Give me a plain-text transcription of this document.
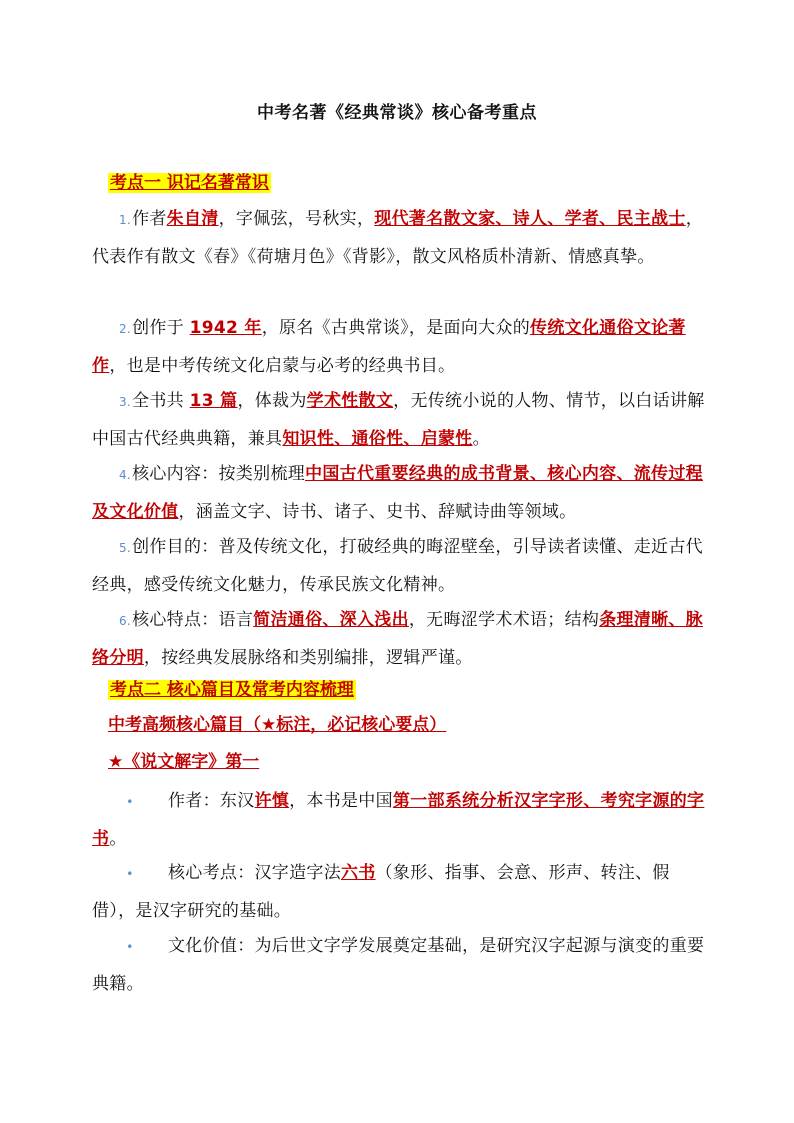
中考名著《经典常谈》核心备考重点
考点一 识记名著常识
1.作者朱自清，字佩弦，号秋实，现代著名散文家、诗人、学者、民主战士，代表作有散文《春》《荷塘月色》《背影》，散文风格质朴清新、情感真挚。
2.创作于 1942 年，原名《古典常谈》，是面向大众的传统文化通俗文论著作，也是中考传统文化启蒙与必考的经典书目。
3.全书共 13 篇，体裁为学术性散文，无传统小说的人物、情节，以白话讲解中国古代经典典籍，兼具知识性、通俗性、启蒙性。
4.核心内容：按类别梳理中国古代重要经典的成书背景、核心内容、流传过程及文化价值，涵盖文字、诗书、诸子、史书、辞赋诗曲等领域。
5.创作目的：普及传统文化，打破经典的晦涩壁垒，引导读者读懂、走近古代经典，感受传统文化魅力，传承民族文化精神。
6.核心特点：语言简洁通俗、深入浅出，无晦涩学术术语；结构条理清晰、脉络分明，按经典发展脉络和类别编排，逻辑严谨。
考点二 核心篇目及常考内容梳理
中考高频核心篇目（★标注，必记核心要点）
★《说文解字》第一
• 作者：东汉许慎，本书是中国第一部系统分析汉字字形、考究字源的字书。
• 核心考点：汉字造字法六书（象形、指事、会意、形声、转注、假借），是汉字研究的基础。
• 文化价值：为后世文字学发展奠定基础，是研究汉字起源与演变的重要典籍。
